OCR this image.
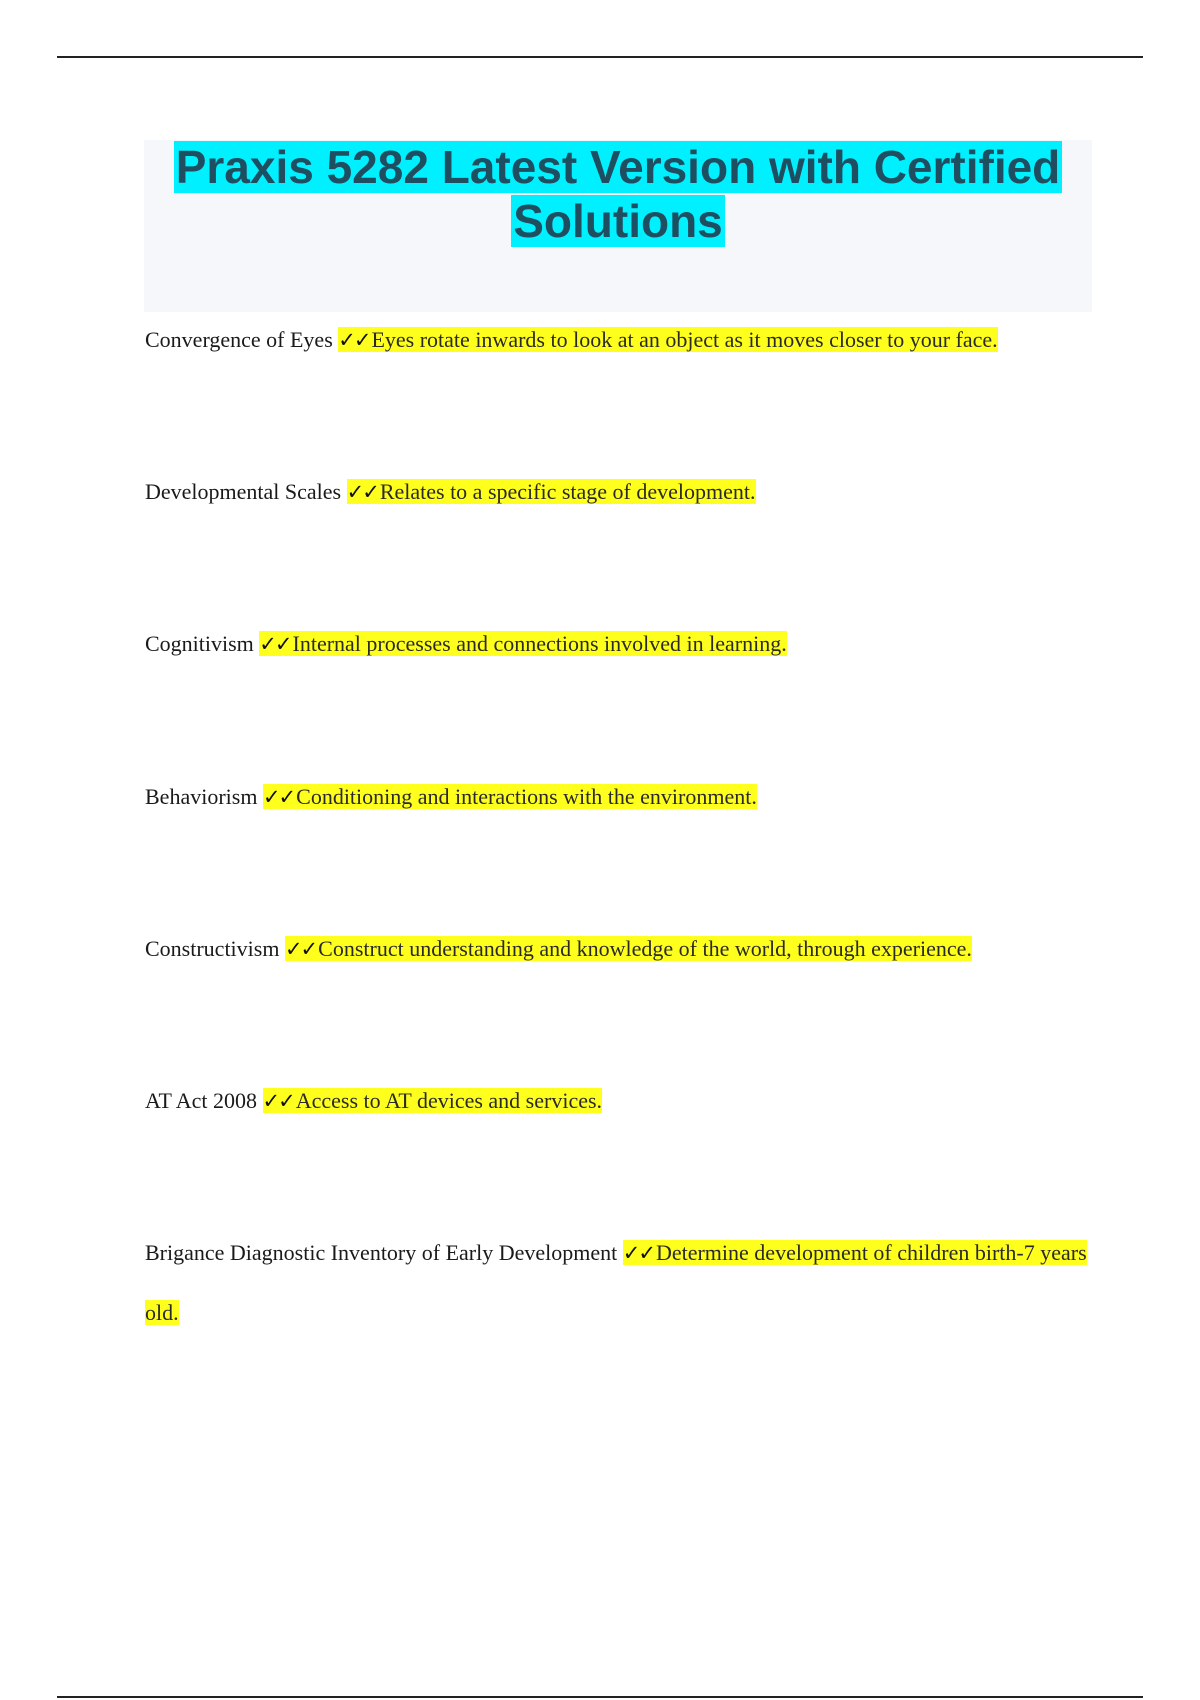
Praxis 5282 Latest Version with Certified Solutions
Convergence of Eyes ✓✓Eyes rotate inwards to look at an object as it moves closer to your face.
Developmental Scales ✓✓Relates to a specific stage of development.
Cognitivism ✓✓Internal processes and connections involved in learning.
Behaviorism ✓✓Conditioning and interactions with the environment.
Constructivism ✓✓Construct understanding and knowledge of the world, through experience.
AT Act 2008 ✓✓Access to AT devices and services.
Brigance Diagnostic Inventory of Early Development ✓✓Determine development of children birth-7 years old.
